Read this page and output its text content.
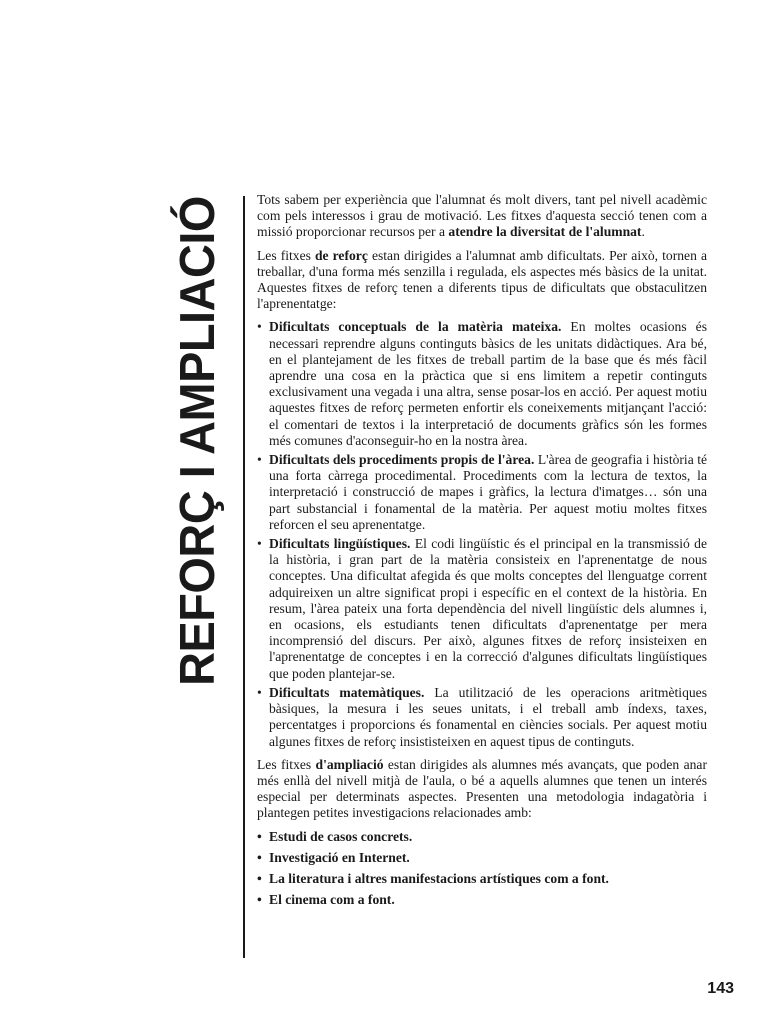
REFORÇ I AMPLIACIÓ Tots sabem per experiència que l'alumnat és molt divers, tant pel nivell acadèmic com pels interessos i grau de motivació. Les fitxes d'aquesta secció tenen com a missió proporcionar recursos per a atendre la diversitat de l'alumnat.

Les fitxes de reforç estan dirigides a l'alumnat amb dificultats. Per això, tornen a treballar, d'una forma més senzilla i regulada, els aspectes més bàsics de la unitat. Aquestes fitxes de reforç tenen a diferents tipus de dificultats que obstaculitzen l'aprenentatge:

• Dificultats conceptuals de la matèria mateixa. En moltes ocasions és necessari reprendre alguns continguts bàsics de les unitats didàctiques. Ara bé, en el plantejament de les fitxes de treball partim de la base que és més fàcil aprendre una cosa en la pràctica que si ens limitem a repetir continguts exclusivament una vegada i una altra, sense posar-los en acció. Per aquest motiu aquestes fitxes de reforç permeten enfortir els coneixements mitjançant l'acció: el comentari de textos i la interpretació de documents gràfics són les formes més comunes d'aconseguir-ho en la nostra àrea.
• Dificultats dels procediments propis de l'àrea. L'àrea de geografia i història té una forta càrrega procedimental. Procediments com la lectura de textos, la interpretació i construcció de mapes i gràfics, la lectura d'imatges… són una part substancial i fonamental de la matèria. Per aquest motiu moltes fitxes reforcen el seu aprenentatge.
• Dificultats lingüístiques. El codi lingüístic és el principal en la transmissió de la història, i gran part de la matèria consisteix en l'aprenentatge de nous conceptes. Una dificultat afegida és que molts conceptes del llenguatge corrent adquireixen un altre significat propi i específic en el context de la història. En resum, l'àrea pateix una forta dependència del nivell lingüístic dels alumnes i, en ocasions, els estudiants tenen dificultats d'aprenentatge per mera incomprensió del discurs. Per això, algunes fitxes de reforç insisteixen en l'aprenentatge de conceptes i en la correcció d'algunes dificultats lingüístiques que poden plantejar-se.
• Dificultats matemàtiques. La utilització de les operacions aritmètiques bàsiques, la mesura i les seues unitats, i el treball amb índexs, taxes, percentatges i proporcions és fonamental en ciències socials. Per aquest motiu algunes fitxes de reforç insististeixen en aquest tipus de continguts.

Les fitxes d'ampliació estan dirigides als alumnes més avançats, que poden anar més enllà del nivell mitjà de l'aula, o bé a aquells alumnes que tenen un interés especial per determinats aspectes. Presenten una metodologia indagatòria i plantegen petites investigacions relacionades amb:

• Estudi de casos concrets.
• Investigació en Internet.
• La literatura i altres manifestacions artístiques com a font.
• El cinema com a font.
143
